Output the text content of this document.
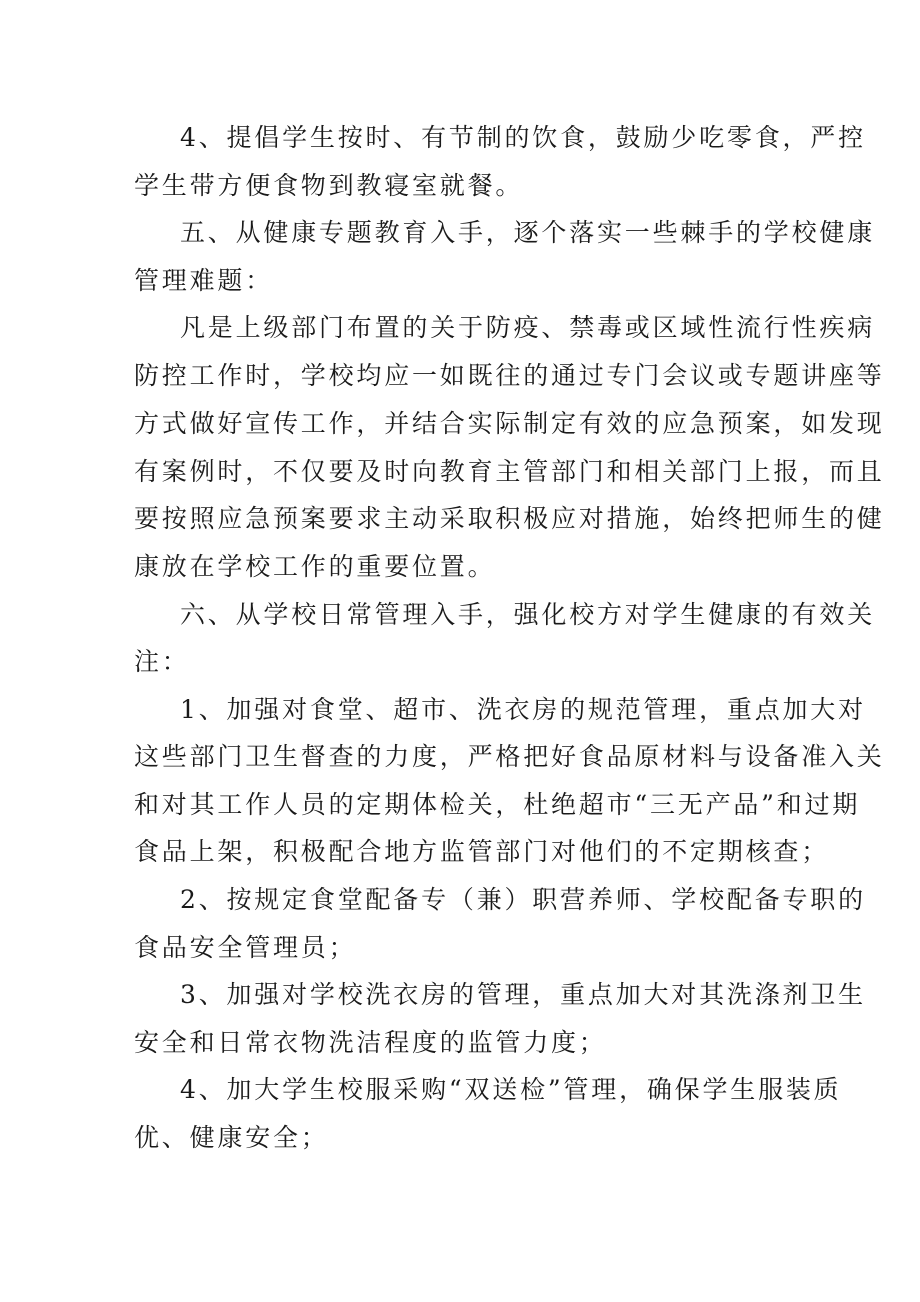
4、提倡学生按时、有节制的饮食，鼓励少吃零食，严控
学生带方便食物到教寝室就餐。
五、从健康专题教育入手，逐个落实一些棘手的学校健康
管理难题：
凡是上级部门布置的关于防疫、禁毒或区域性流行性疾病
防控工作时，学校均应一如既往的通过专门会议或专题讲座等
方式做好宣传工作，并结合实际制定有效的应急预案，如发现
有案例时，不仅要及时向教育主管部门和相关部门上报，而且
要按照应急预案要求主动采取积极应对措施，始终把师生的健
康放在学校工作的重要位置。
六、从学校日常管理入手，强化校方对学生健康的有效关
注：
1、加强对食堂、超市、洗衣房的规范管理，重点加大对
这些部门卫生督查的力度，严格把好食品原材料与设备准入关
和对其工作人员的定期体检关，杜绝超市“三无产品”和过期
食品上架，积极配合地方监管部门对他们的不定期核查；
2、按规定食堂配备专（兼）职营养师、学校配备专职的
食品安全管理员；
3、加强对学校洗衣房的管理，重点加大对其洗涤剂卫生
安全和日常衣物洗洁程度的监管力度；
4、加大学生校服采购“双送检”管理，确保学生服装质
优、健康安全；
